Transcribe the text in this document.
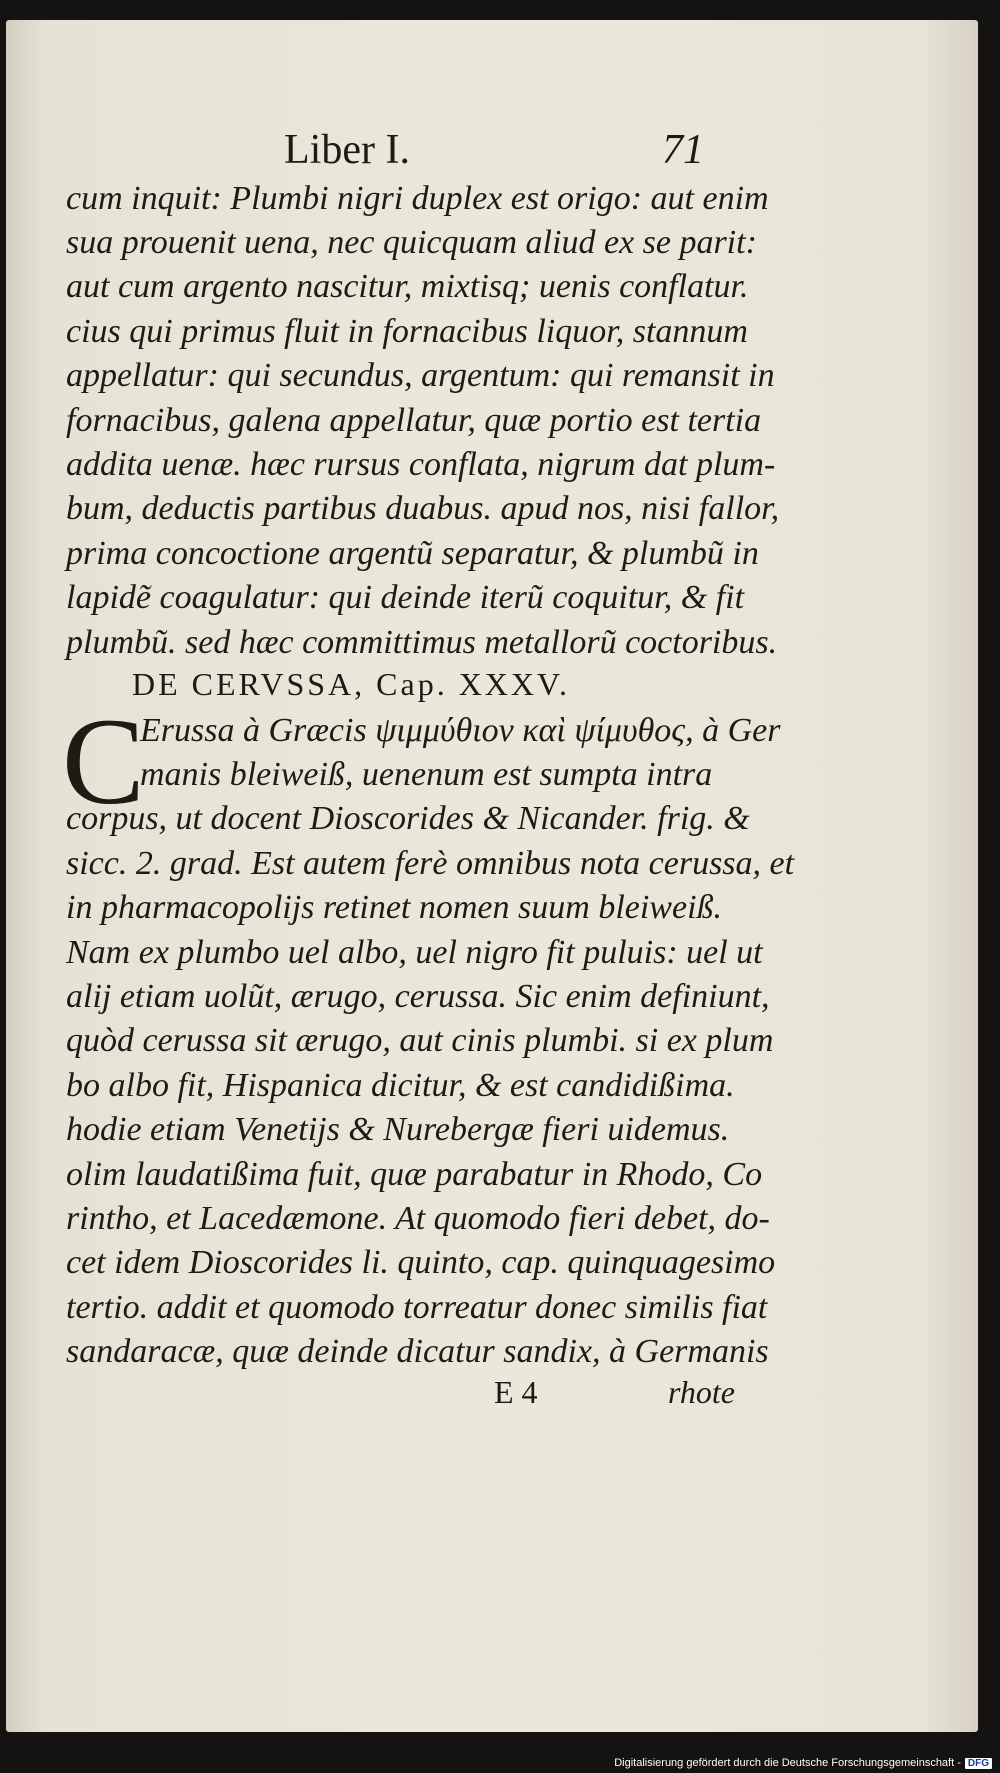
Liber I.	71
cum inquit: Plumbi nigri duplex est origo: aut enim
sua prouenit uena, nec quicquam aliud ex se parit:
aut cum argento nascitur, mixtisq; uenis conflatur.
cius qui primus fluit in fornacibus liquor, stannum
appellatur: qui secundus, argentum: qui remansit in
fornacibus, galena appellatur, quæ portio est tertia
addita uenæ. hæc rursus conflata, nigrum dat plum-
bum, deductis partibus duabus. apud nos, nisi fallor,
prima concoctione argentũ separatur, & plumbũ in
lapidẽ coagulatur: qui deinde iterũ coquitur, & fit
plumbũ. sed hæc committimus metallorũ coctoribus.
DE CERVSSA, Cap. XXXV.
C
Erussa à Græcis ψιμμύθιον καὶ ψίμυθος, à Ger
manis bleiweiß, uenenum est sumpta intra
corpus, ut docent Dioscorides & Nicander. frig. &
sicc. 2. grad. Est autem ferè omnibus nota cerussa, et
in pharmacopolijs retinet nomen suum bleiweiß.
Nam ex plumbo uel albo, uel nigro fit puluis: uel ut
alij etiam uolũt, ærugo, cerussa. Sic enim definiunt,
quòd cerussa sit ærugo, aut cinis plumbi. si ex plum
bo albo fit, Hispanica dicitur, & est candidißima.
hodie etiam Venetijs & Nurebergæ fieri uidemus.
olim laudatißima fuit, quæ parabatur in Rhodo, Co
rintho, et Lacedæmone. At quomodo fieri debet, do-
cet idem Dioscorides li. quinto, cap. quinquagesimo
tertio. addit et quomodo torreatur donec similis fiat
sandaracæ, quæ deinde dicatur sandix, à Germanis
E 4	rhote
Digitalisierung gefördert durch die Deutsche Forschungsgemeinschaft - DFG
